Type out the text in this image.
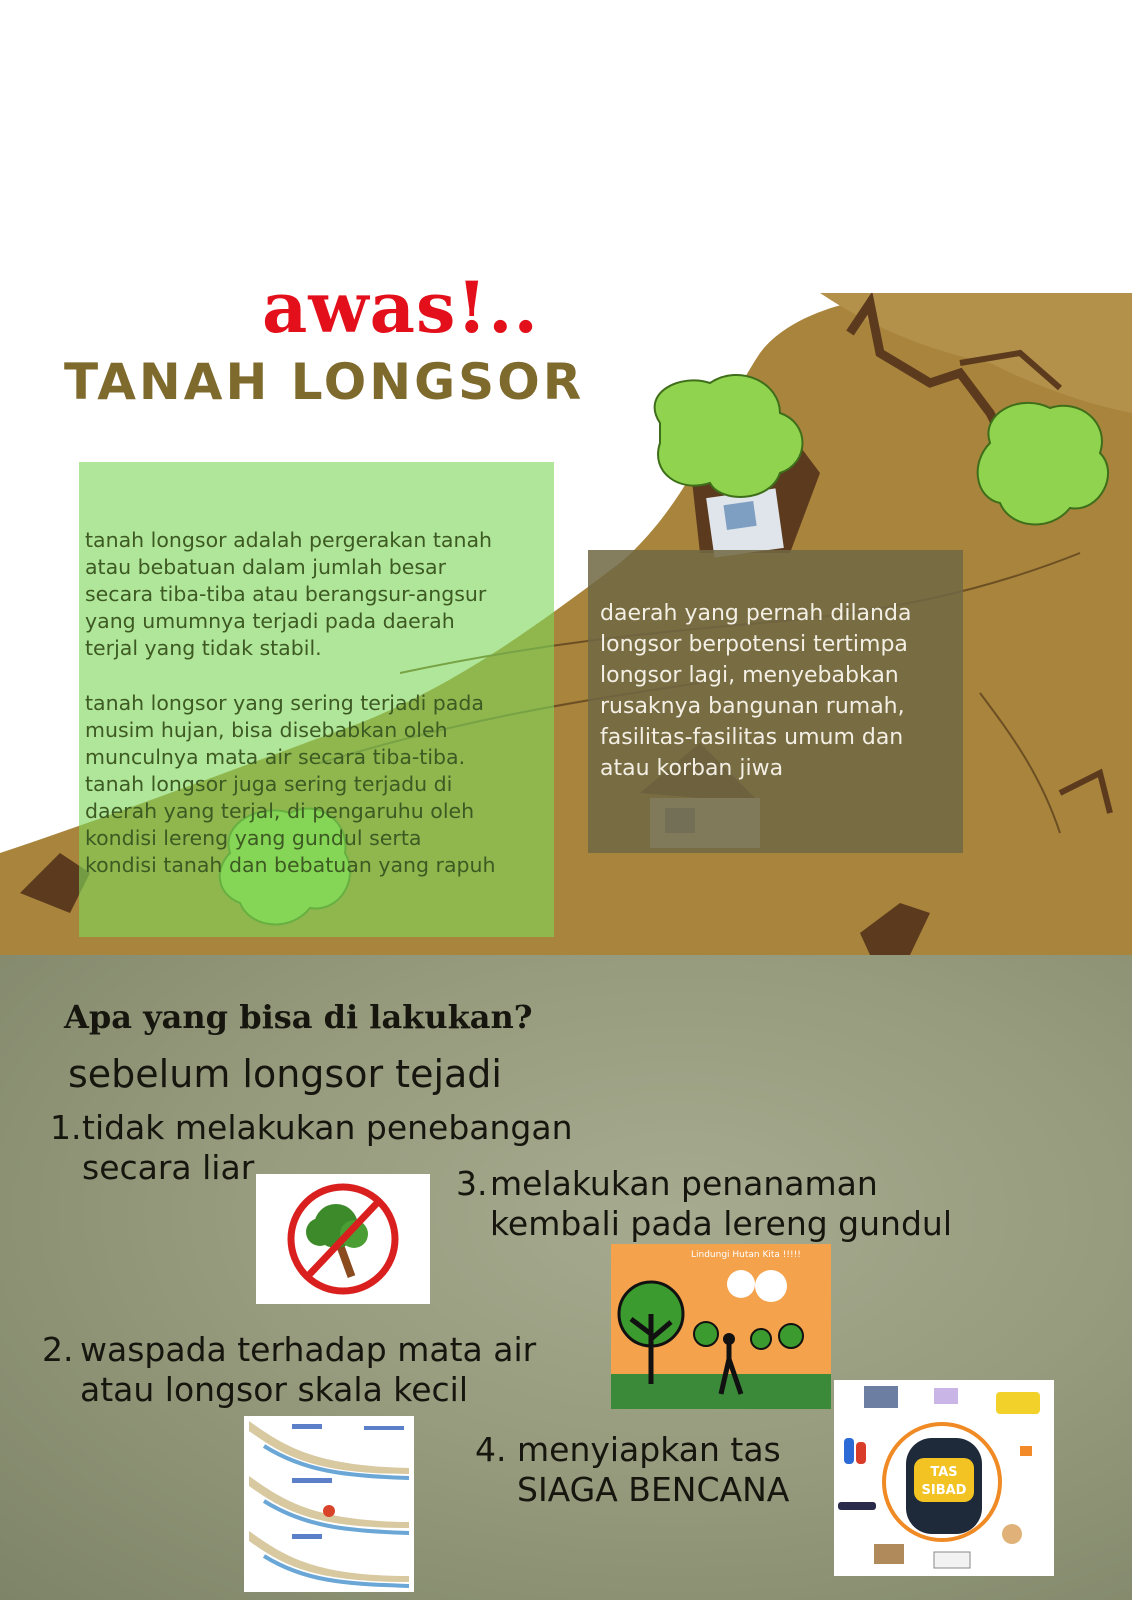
awas!..
TANAH LONGSOR
tanah longsor adalah pergerakan tanah
atau bebatuan dalam jumlah besar
secara tiba-tiba atau berangsur-angsur
yang umumnya terjadi pada daerah
terjal yang tidak stabil.
tanah longsor yang sering terjadi pada
musim hujan, bisa disebabkan oleh
munculnya mata air secara tiba-tiba.
tanah longsor juga sering terjadu di
daerah yang terjal, di pengaruhu oleh
kondisi lereng yang gundul serta
kondisi tanah dan bebatuan yang rapuh
daerah yang pernah dilanda
longsor berpotensi tertimpa
longsor lagi, menyebabkan
rusaknya bangunan rumah,
fasilitas-fasilitas umum dan
atau korban jiwa
Apa yang bisa di lakukan?
sebelum longsor tejadi
1. tidak melakukan penebangan
secara liar	3. melakukan penanaman
kembali pada lereng gundul
2. waspada terhadap mata air
atau longsor skala kecil
4. menyiapkan tas
SIAGA BENCANA
Lindungi Hutan Kita !!!!!
TAS
SIBAD
